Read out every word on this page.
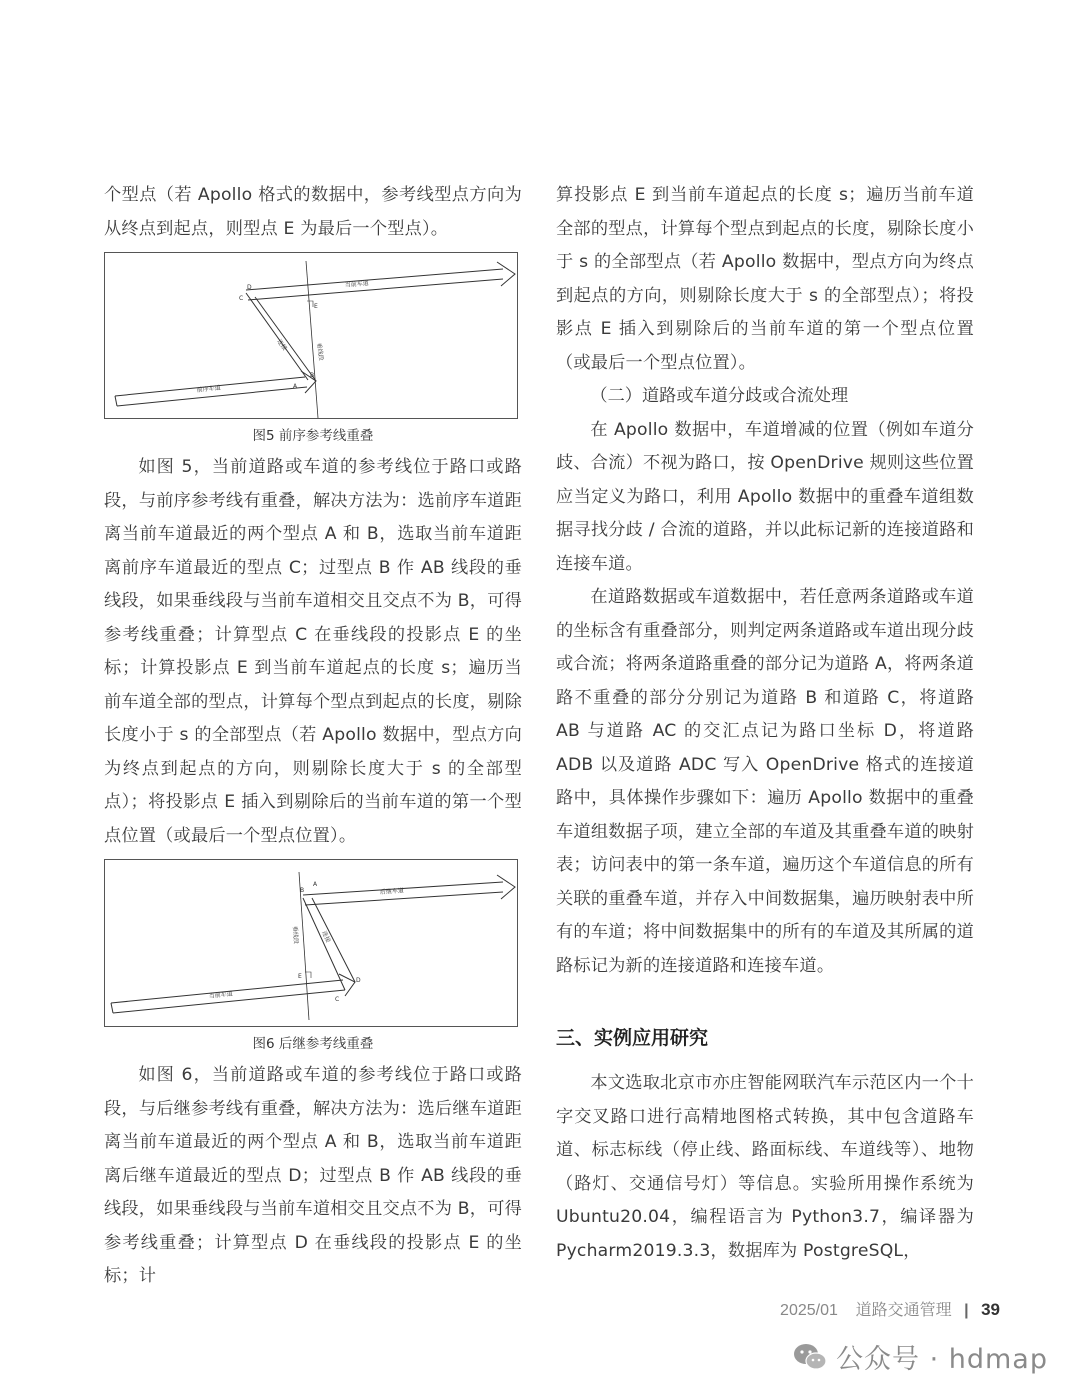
个型点（若 Apollo 格式的数据中，参考线型点方向为从终点到起点，则型点 E 为最后一个型点）。

当前车道
前序车道
垂线段
连接
D
C
E
A
B

图5 前序参考线重叠

如图 5，当前道路或车道的参考线位于路口或路段，与前序参考线有重叠，解决方法为：选前序车道距离当前车道最近的两个型点 A 和 B，选取当前车道距离前序车道最近的型点 C；过型点 B 作 AB 线段的垂线段，如果垂线段与当前车道相交且交点不为 B，可得参考线重叠；计算型点 C 在垂线段的投影点 E 的坐标；计算投影点 E 到当前车道起点的长度 s；遍历当前车道全部的型点，计算每个型点到起点的长度，剔除长度小于 s 的全部型点（若 Apollo 数据中，型点方向为终点到起点的方向，则剔除长度大于 s 的全部型点）；将投影点 E 插入到剔除后的当前车道的第一个型点位置（或最后一个型点位置）。

后继车道
当前车道
垂线段	连接
A
B
E
D
C

图6 后继参考线重叠

如图 6，当前道路或车道的参考线位于路口或路段，与后继参考线有重叠，解决方法为：选后继车道距离当前车道最近的两个型点 A 和 B，选取当前车道距离后继车道最近的型点 D；过型点 B 作 AB 线段的垂线段，如果垂线段与当前车道相交且交点不为 B，可得参考线重叠；计算型点 D 在垂线段的投影点 E 的坐标；计

算投影点 E 到当前车道起点的长度 s；遍历当前车道全部的型点，计算每个型点到起点的长度，剔除长度小于 s 的全部型点（若 Apollo 数据中，型点方向为终点到起点的方向，则剔除长度大于 s 的全部型点）；将投影点 E 插入到剔除后的当前车道的第一个型点位置（或最后一个型点位置）。

（二）道路或车道分歧或合流处理

在 Apollo 数据中，车道增减的位置（例如车道分歧、合流）不视为路口，按 OpenDrive 规则这些位置应当定义为路口，利用 Apollo 数据中的重叠车道组数据寻找分歧 / 合流的道路，并以此标记新的连接道路和连接车道。

在道路数据或车道数据中，若任意两条道路或车道的坐标含有重叠部分，则判定两条道路或车道出现分歧或合流；将两条道路重叠的部分记为道路 A，将两条道路不重叠的部分分别记为道路 B 和道路 C，将道路 AB 与道路 AC 的交汇点记为路口坐标 D，将道路 ADB 以及道路 ADC 写入 OpenDrive 格式的连接道路中，具体操作步骤如下：遍历 Apollo 数据中的重叠车道组数据子项，建立全部的车道及其重叠车道的映射表；访问表中的第一条车道，遍历这个车道信息的所有关联的重叠车道，并存入中间数据集，遍历映射表中所有的车道；将中间数据集中的所有的车道及其所属的道路标记为新的连接道路和连接车道。

三、实例应用研究

本文选取北京市亦庄智能网联汽车示范区内一个十字交叉路口进行高精地图格式转换，其中包含道路车道、标志标线（停止线、路面标线、车道线等）、地物（路灯、交通信号灯）等信息。实验所用操作系统为 Ubuntu20.04，编程语言为 Python3.7，编译器为 Pycharm2019.3.3，数据库为 PostgreSQL，

2025/01 道路交通管理 | 39
公众号 · hdmap
